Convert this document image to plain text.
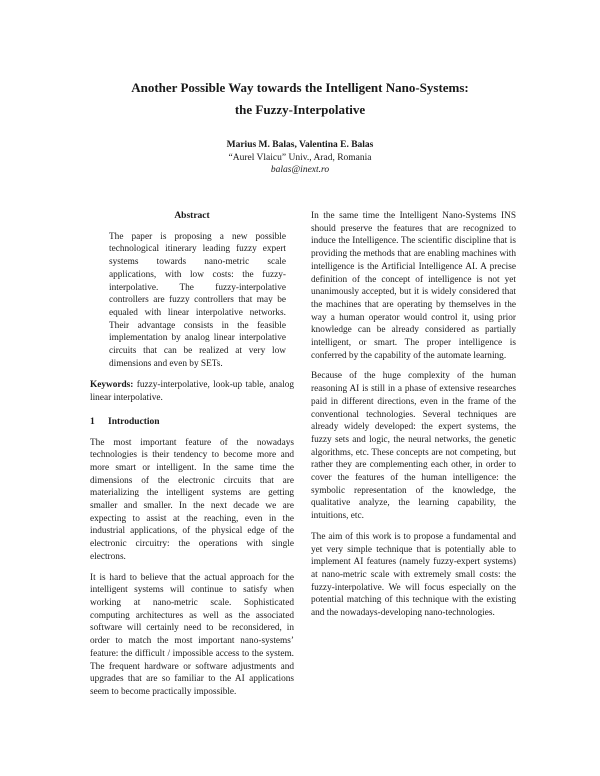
Another Possible Way towards the Intelligent Nano-Systems:
the Fuzzy-Interpolative
Marius M. Balas, Valentina E. Balas
“Aurel Vlaicu” Univ., Arad, Romania
balas@inext.ro
Abstract
The paper is proposing a new possible technological itinerary leading fuzzy expert systems towards nano-metric scale applications, with low costs: the fuzzy-interpolative. The fuzzy-interpolative controllers are fuzzy controllers that may be equaled with linear interpolative networks. Their advantage consists in the feasible implementation by analog linear interpolative circuits that can be realized at very low dimensions and even by SETs.
Keywords: fuzzy-interpolative, look-up table, analog linear interpolative.
1 Introduction

The most important feature of the nowadays technologies is their tendency to become more and more smart or intelligent. In the same time the dimensions of the electronic circuits that are materializing the intelligent systems are getting smaller and smaller. In the next decade we are expecting to assist at the reaching, even in the industrial applications, of the physical edge of the electronic circuitry: the operations with single electrons.

It is hard to believe that the actual approach for the intelligent systems will continue to satisfy when working at nano-metric scale. Sophisticated computing architectures as well as the associated software will certainly need to be reconsidered, in order to match the most important nano-systems’ feature: the difficult / impossible access to the system. The frequent hardware or software adjustments and upgrades that are so familiar to the AI applications seem to become practically impossible.

In the same time the Intelligent Nano-Systems INS should preserve the features that are recognized to induce the Intelligence. The scientific discipline that is providing the methods that are enabling machines with intelligence is the Artificial Intelligence AI. A precise definition of the concept of intelligence is not yet unanimously accepted, but it is widely considered that the machines that are operating by themselves in the way a human operator would control it, using prior knowledge can be already considered as partially intelligent, or smart. The proper intelligence is conferred by the capability of the automate learning.

Because of the huge complexity of the human reasoning AI is still in a phase of extensive researches paid in different directions, even in the frame of the conventional technologies. Several techniques are already widely developed: the expert systems, the fuzzy sets and logic, the neural networks, the genetic algorithms, etc. These concepts are not competing, but rather they are complementing each other, in order to cover the features of the human intelligence: the symbolic representation of the knowledge, the qualitative analyze, the learning capability, the intuitions, etc.

The aim of this work is to propose a fundamental and yet very simple technique that is potentially able to implement AI features (namely fuzzy-expert systems) at nano-metric scale with extremely small costs: the fuzzy-interpolative. We will focus especially on the potential matching of this technique with the existing and the nowadays-developing nano-technologies.
